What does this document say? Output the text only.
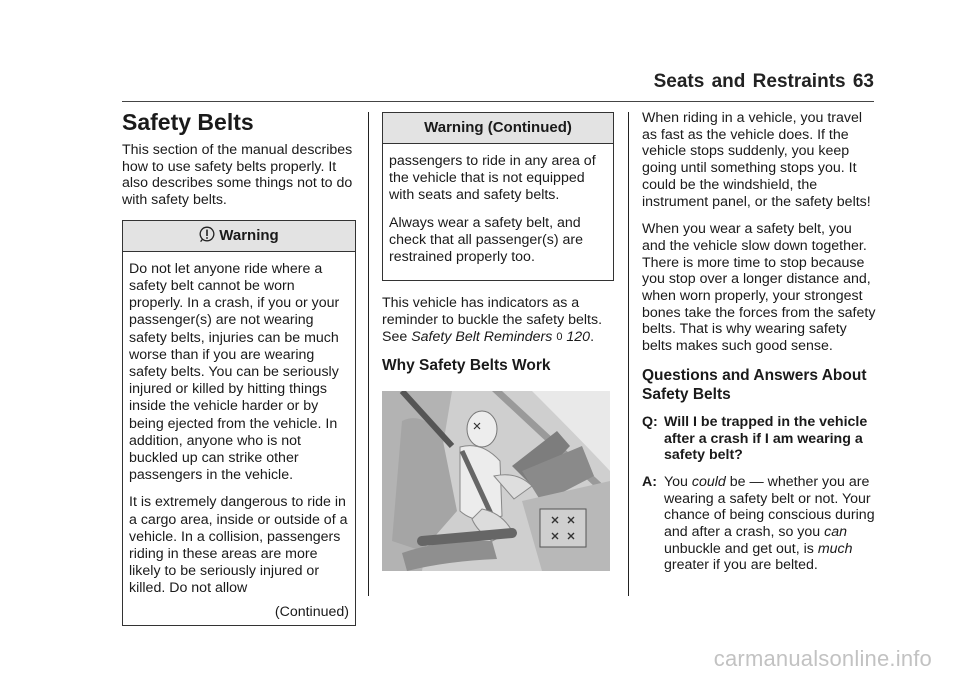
Seats and Restraints 63
Safety Belts

This section of the manual describes how to use safety belts properly. It also describes some things not to do with safety belts.

Warning

Do not let anyone ride where a safety belt cannot be worn properly. In a crash, if you or your passenger(s) are not wearing safety belts, injuries can be much worse than if you are wearing safety belts. You can be seriously injured or killed by hitting things inside the vehicle harder or by being ejected from the vehicle. In addition, anyone who is not buckled up can strike other passengers in the vehicle.

It is extremely dangerous to ride in a cargo area, inside or outside of a vehicle. In a collision, passengers riding in these areas are more likely to be seriously injured or killed. Do not allow

(Continued)
Warning (Continued)

passengers to ride in any area of the vehicle that is not equipped with seats and safety belts.

Always wear a safety belt, and check that all passenger(s) are restrained properly too.

This vehicle has indicators as a reminder to buckle the safety belts. See Safety Belt Reminders 0 120.

Why Safety Belts Work

When riding in a vehicle, you travel as fast as the vehicle does. If the vehicle stops suddenly, you keep going until something stops you. It could be the windshield, the instrument panel, or the safety belts!

When you wear a safety belt, you and the vehicle slow down together. There is more time to stop because you stop over a longer distance and, when worn properly, your strongest bones take the forces from the safety belts. That is why wearing safety belts makes such good sense.

Questions and Answers About Safety Belts
Q: Will I be trapped in the vehicle after a crash if I am wearing a safety belt?
A: You could be — whether you are wearing a safety belt or not. Your chance of being conscious during and after a crash, so you can unbuckle and get out, is much greater if you are belted.
carmanualsonline.info
